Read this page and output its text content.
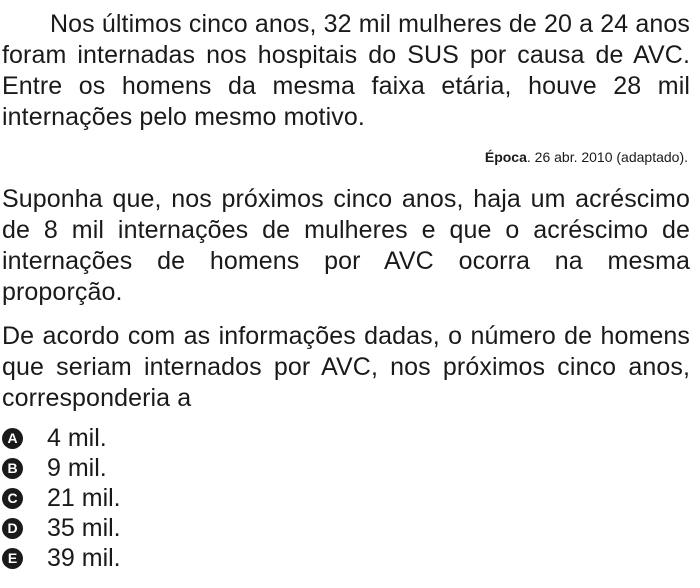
Nos últimos cinco anos, 32 mil mulheres de 20 a 24 anos foram internadas nos hospitais do SUS por causa de AVC. Entre os homens da mesma faixa etária, houve 28 mil internações pelo mesmo motivo.

Época. 26 abr. 2010 (adaptado).

Suponha que, nos próximos cinco anos, haja um acréscimo de 8 mil internações de mulheres e que o acréscimo de internações de homens por AVC ocorra na mesma proporção.

De acordo com as informações dadas, o número de homens que seriam internados por AVC, nos próximos cinco anos, corresponderia a

A 4 mil.
B 9 mil.
C 21 mil.
D 35 mil.
E 39 mil.
